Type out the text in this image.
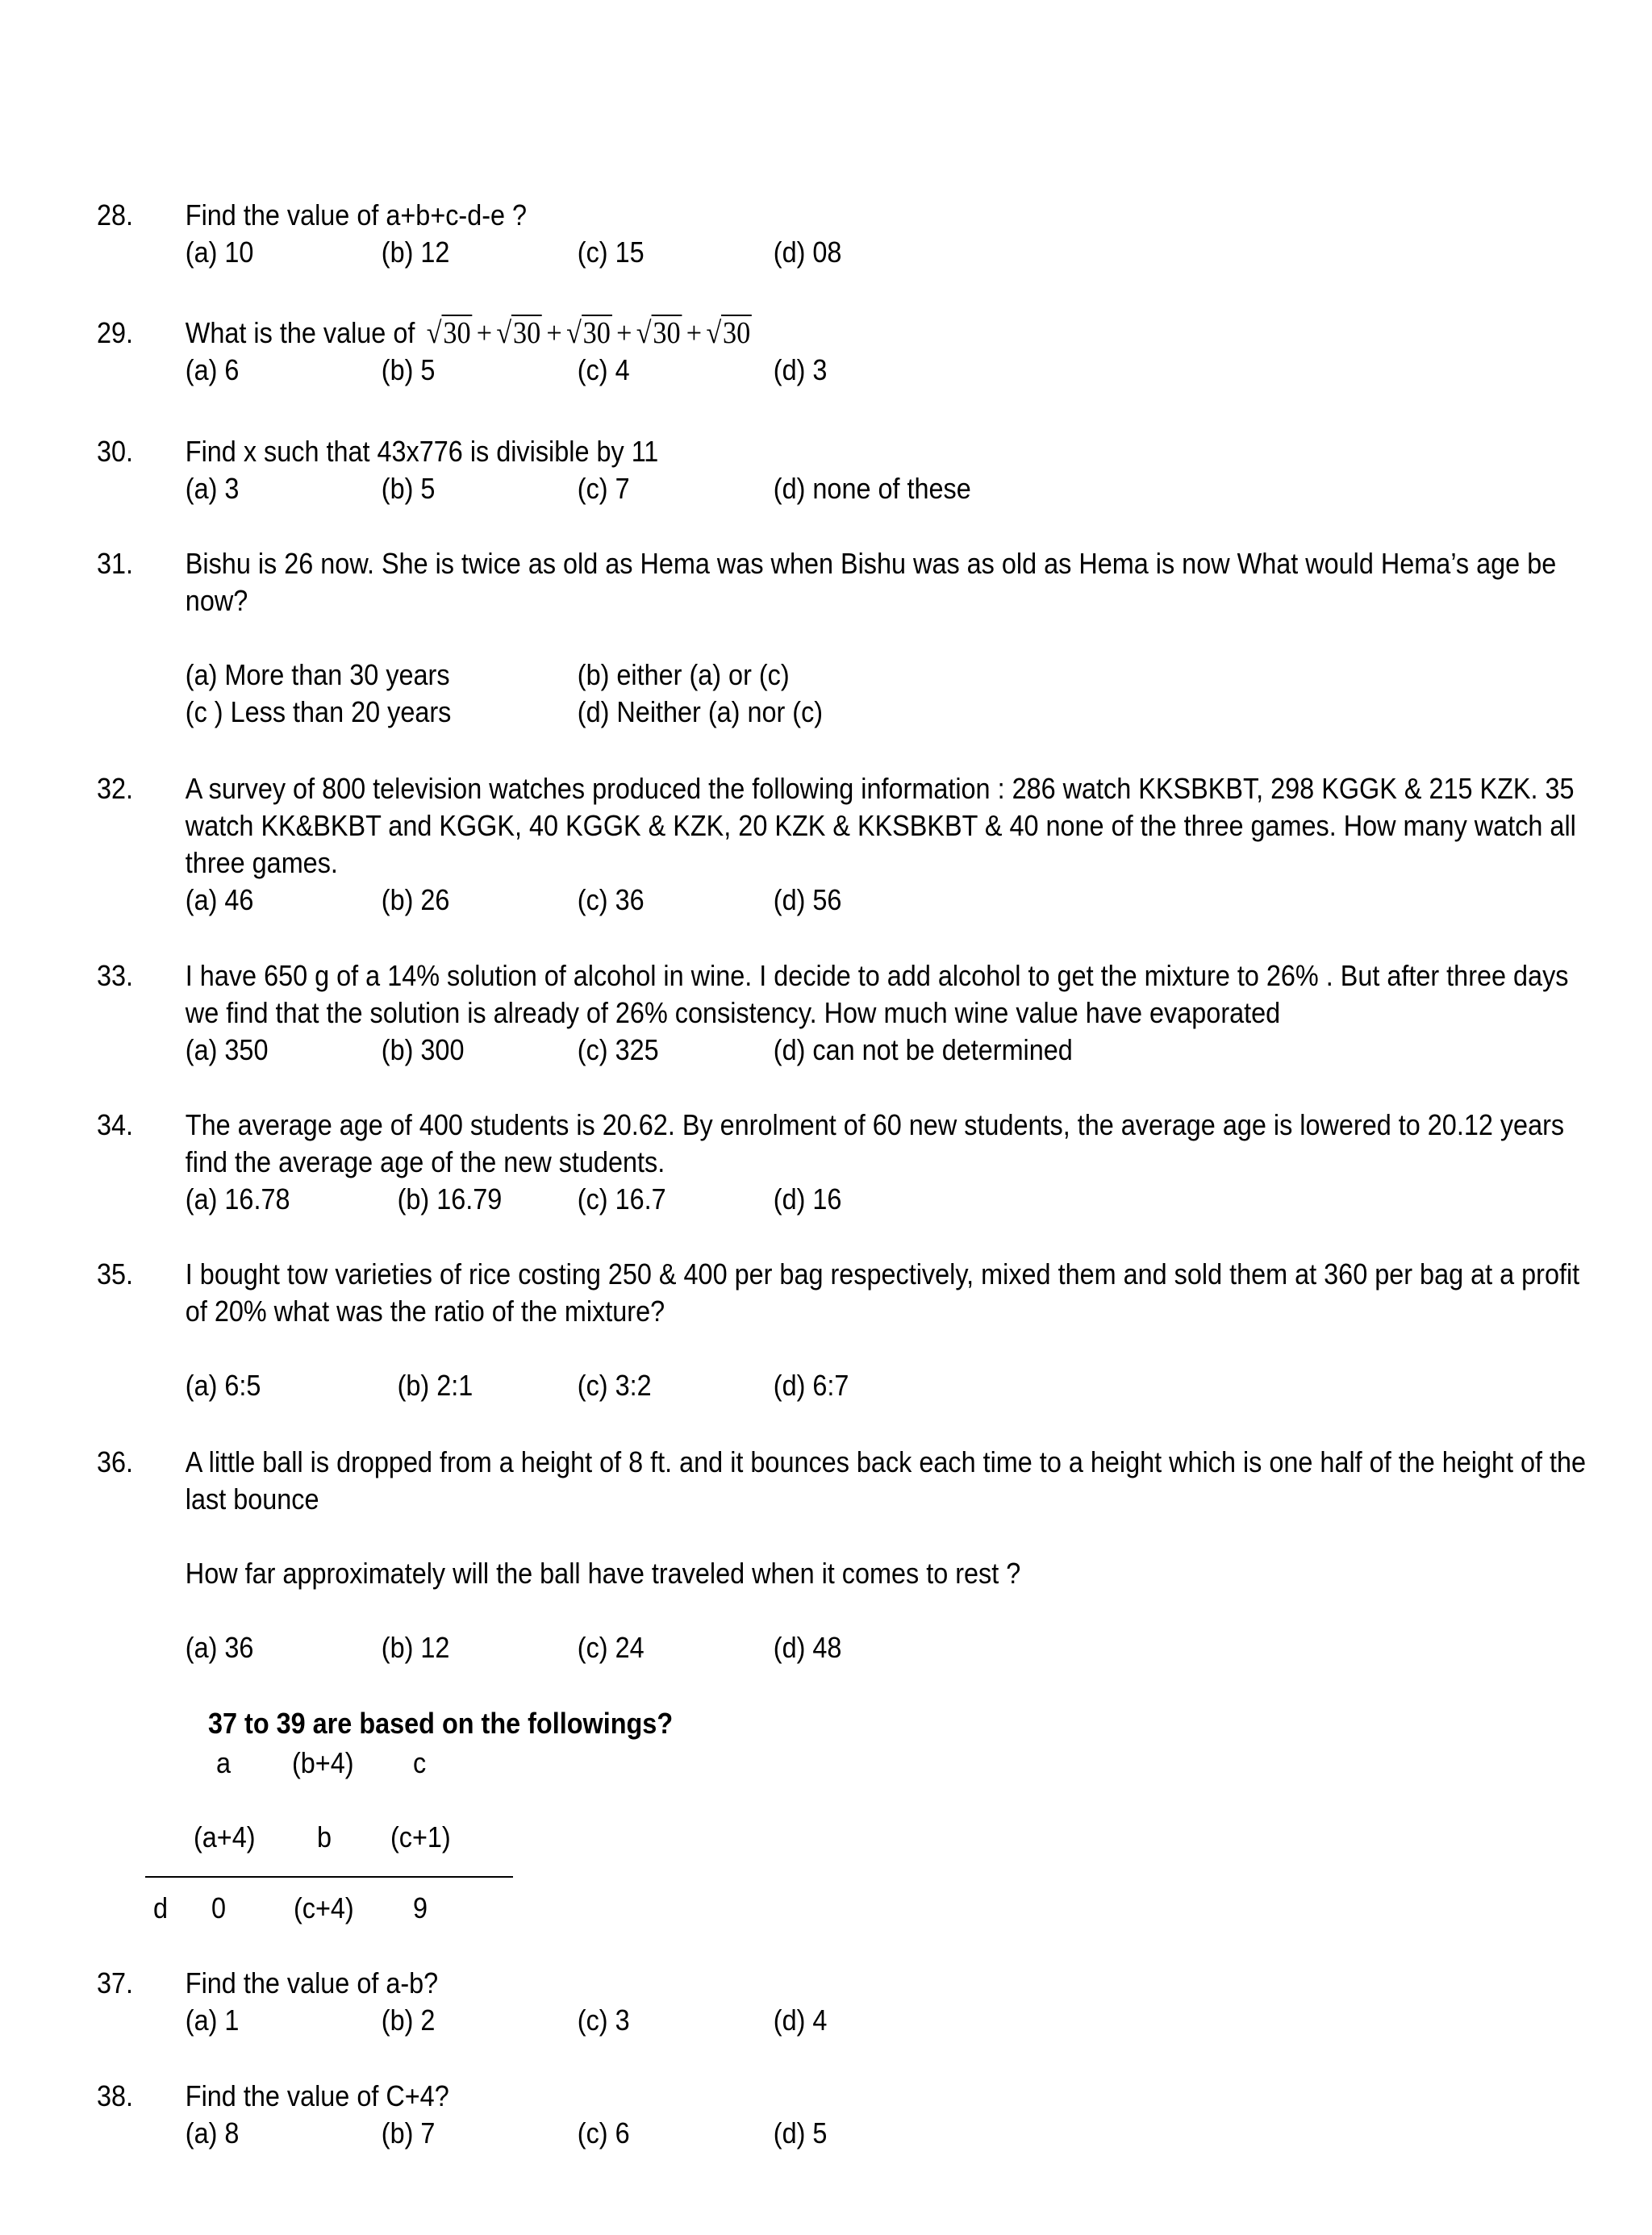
28.	Find the value of a+b+c-d-e ?
(a) 10	(b) 12	(c) 15	(d) 08
29.	What is the value of √30 + √30 + √30 + √30 + √30
(a) 6	(b) 5	(c) 4	(d) 3
30.	Find x such that 43x776 is divisible by 11
(a) 3	(b) 5	(c) 7	(d) none of these
31.	Bishu is 26 now. She is twice as old as Hema was when Bishu was as old as Hema is now What would Hema’s age be now?
(a) More than 30 years	(b) either (a) or (c)
(c ) Less than 20 years	(d) Neither (a) nor (c)
32.	A survey of 800 television watches produced the following information : 286 watch KKSBKBT, 298 KGGK & 215 KZK. 35 watch KK&BKBT and KGGK, 40 KGGK & KZK, 20 KZK & KKSBKBT & 40 none of the three games. How many watch all three games.
(a) 46	(b) 26	(c) 36	(d) 56
33.	I have 650 g of a 14% solution of alcohol in wine. I decide to add alcohol to get the mixture to 26% . But after three days we find that the solution is already of 26% consistency. How much wine value have evaporated
(a) 350	(b) 300	(c) 325	(d) can not be determined
34.	The average age of 400 students is 20.62. By enrolment of 60 new students, the average age is lowered to 20.12 years find the average age of the new students.
(a) 16.78	(b) 16.79	(c) 16.7	(d) 16
35.	I bought tow varieties of rice costing 250 & 400 per bag respectively, mixed them and sold them at 360 per bag at a profit of 20% what was the ratio of the mixture?
(a) 6:5	(b) 2:1	(c) 3:2	(d) 6:7
36.	A little ball is dropped from a height of 8 ft. and it bounces back each time to a height which is one half of the height of the last bounce
How far approximately will the ball have traveled when it comes to rest ?
(a) 36	(b) 12	(c) 24	(d) 48
37 to 39 are based on the followings?
a (b+4) c
(a+4) b (c+1)
d 0 (c+4) 9
37.	Find the value of a-b?
(a) 1	(b) 2	(c) 3	(d) 4
38.	Find the value of C+4?
(a) 8	(b) 7	(c) 6	(d) 5
